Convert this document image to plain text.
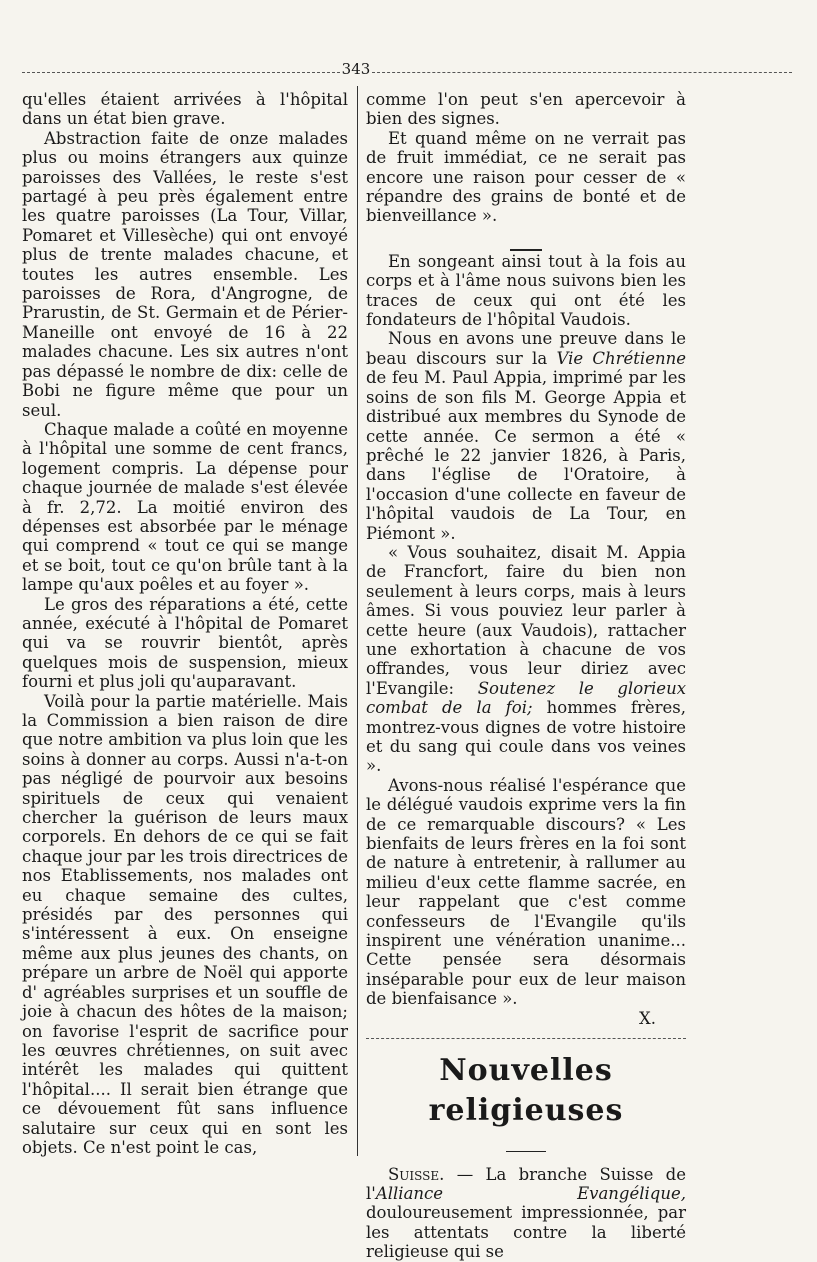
343

qu'elles étaient arrivées à l'hôpital dans un état bien grave.

Abstraction faite de onze malades plus ou moins étrangers aux quinze paroisses des Vallées, le reste s'est partagé à peu près également entre les quatre paroisses (La Tour, Villar, Pomaret et Villesèche) qui ont envoyé plus de trente malades chacune, et toutes les autres ensemble. Les paroisses de Rora, d'Angrogne, de Prarustin, de St. Germain et de Périer-Maneille ont envoyé de 16 à 22 malades chacune. Les six autres n'ont pas dépassé le nombre de dix: celle de Bobi ne figure même que pour un seul.

Chaque malade a coûté en moyenne à l'hôpital une somme de cent francs, logement compris. La dépense pour chaque journée de malade s'est élevée à fr. 2,72. La moitié environ des dépenses est absorbée par le ménage qui comprend « tout ce qui se mange et se boit, tout ce qu'on brûle tant à la lampe qu'aux poêles et au foyer ».

Le gros des réparations a été, cette année, exécuté à l'hôpital de Pomaret qui va se rouvrir bientôt, après quelques mois de suspension, mieux fourni et plus joli qu'auparavant.

Voilà pour la partie matérielle. Mais la Commission a bien raison de dire que notre ambition va plus loin que les soins à donner au corps. Aussi n'a-t-on pas négligé de pourvoir aux besoins spirituels de ceux qui venaient chercher la guérison de leurs maux corporels. En dehors de ce qui se fait chaque jour par les trois directrices de nos Etablissements, nos malades ont eu chaque semaine des cultes, présidés par des personnes qui s'intéressent à eux. On enseigne même aux plus jeunes des chants, on prépare un arbre de Noël qui apporte d' agréables surprises et un souffle de joie à chacun des hôtes de la maison; on favorise l'esprit de sacrifice pour les œuvres chrétiennes, on suit avec intérêt les malades qui quittent l'hôpital.... Il serait bien étrange que ce dévouement fût sans influence salutaire sur ceux qui en sont les objets. Ce n'est point le cas,

comme l'on peut s'en apercevoir à bien des signes.

Et quand même on ne verrait pas de fruit immédiat, ce ne serait pas encore une raison pour cesser de « répandre des grains de bonté et de bienveillance ».

En songeant ainsi tout à la fois au corps et à l'âme nous suivons bien les traces de ceux qui ont été les fondateurs de l'hôpital Vaudois.

Nous en avons une preuve dans le beau discours sur la Vie Chrétienne de feu M. Paul Appia, imprimé par les soins de son fils M. George Appia et distribué aux membres du Synode de cette année. Ce sermon a été « prêché le 22 janvier 1826, à Paris, dans l'église de l'Oratoire, à l'occasion d'une collecte en faveur de l'hôpital vaudois de La Tour, en Piémont ».

« Vous souhaitez, disait M. Appia de Francfort, faire du bien non seulement à leurs corps, mais à leurs âmes. Si vous pouviez leur parler à cette heure (aux Vaudois), rattacher une exhortation à chacune de vos offrandes, vous leur diriez avec l'Evangile: Soutenez le glorieux combat de la foi; hommes frères, montrez-vous dignes de votre histoire et du sang qui coule dans vos veines ».

Avons-nous réalisé l'espérance que le délégué vaudois exprime vers la fin de ce remarquable discours? « Les bienfaits de leurs frères en la foi sont de nature à entretenir, à rallumer au milieu d'eux cette flamme sacrée, en leur rappelant que c'est comme confesseurs de l'Evangile qu'ils inspirent une vénération unanime... Cette pensée sera désormais inséparable pour eux de leur maison de bienfaisance ».

X.

Nouvelles religieuses

Suisse. — La branche Suisse de l'Alliance Evangélique, douloureusement impressionnée, par les attentats contre la liberté religieuse qui se
